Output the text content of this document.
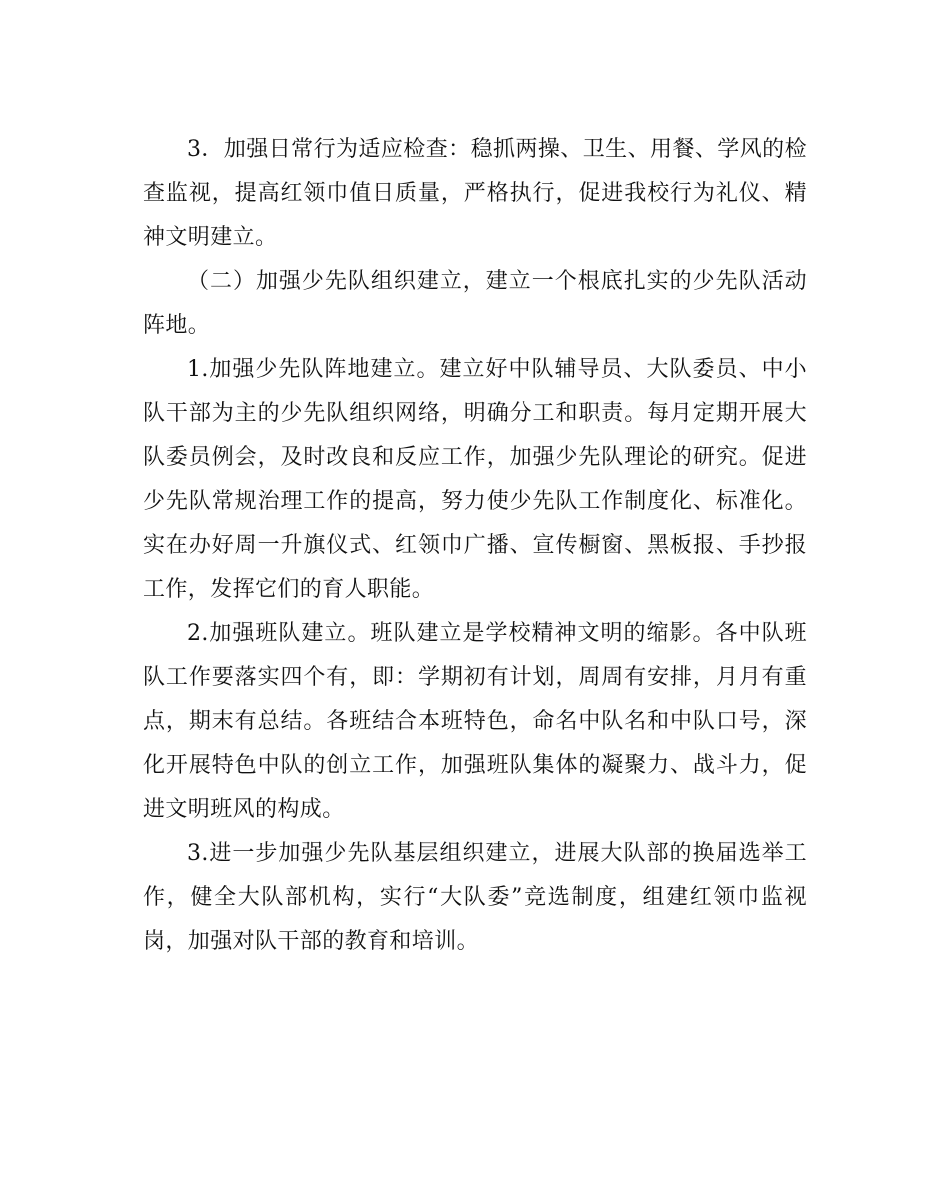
3．加强日常行为适应检查：稳抓两操、卫生、用餐、学风的检查监视，提高红领巾值日质量，严格执行，促进我校行为礼仪、精神文明建立。

（二）加强少先队组织建立，建立一个根底扎实的少先队活动阵地。

1.加强少先队阵地建立。建立好中队辅导员、大队委员、中小队干部为主的少先队组织网络，明确分工和职责。每月定期开展大队委员例会，及时改良和反应工作，加强少先队理论的研究。促进少先队常规治理工作的提高，努力使少先队工作制度化、标准化。实在办好周一升旗仪式、红领巾广播、宣传橱窗、黑板报、手抄报工作，发挥它们的育人职能。

2.加强班队建立。班队建立是学校精神文明的缩影。各中队班队工作要落实四个有，即：学期初有计划，周周有安排，月月有重点，期末有总结。各班结合本班特色，命名中队名和中队口号，深化开展特色中队的创立工作，加强班队集体的凝聚力、战斗力，促进文明班风的构成。

3.进一步加强少先队基层组织建立，进展大队部的换届选举工作，健全大队部机构，实行“大队委”竞选制度，组建红领巾监视岗，加强对队干部的教育和培训。
